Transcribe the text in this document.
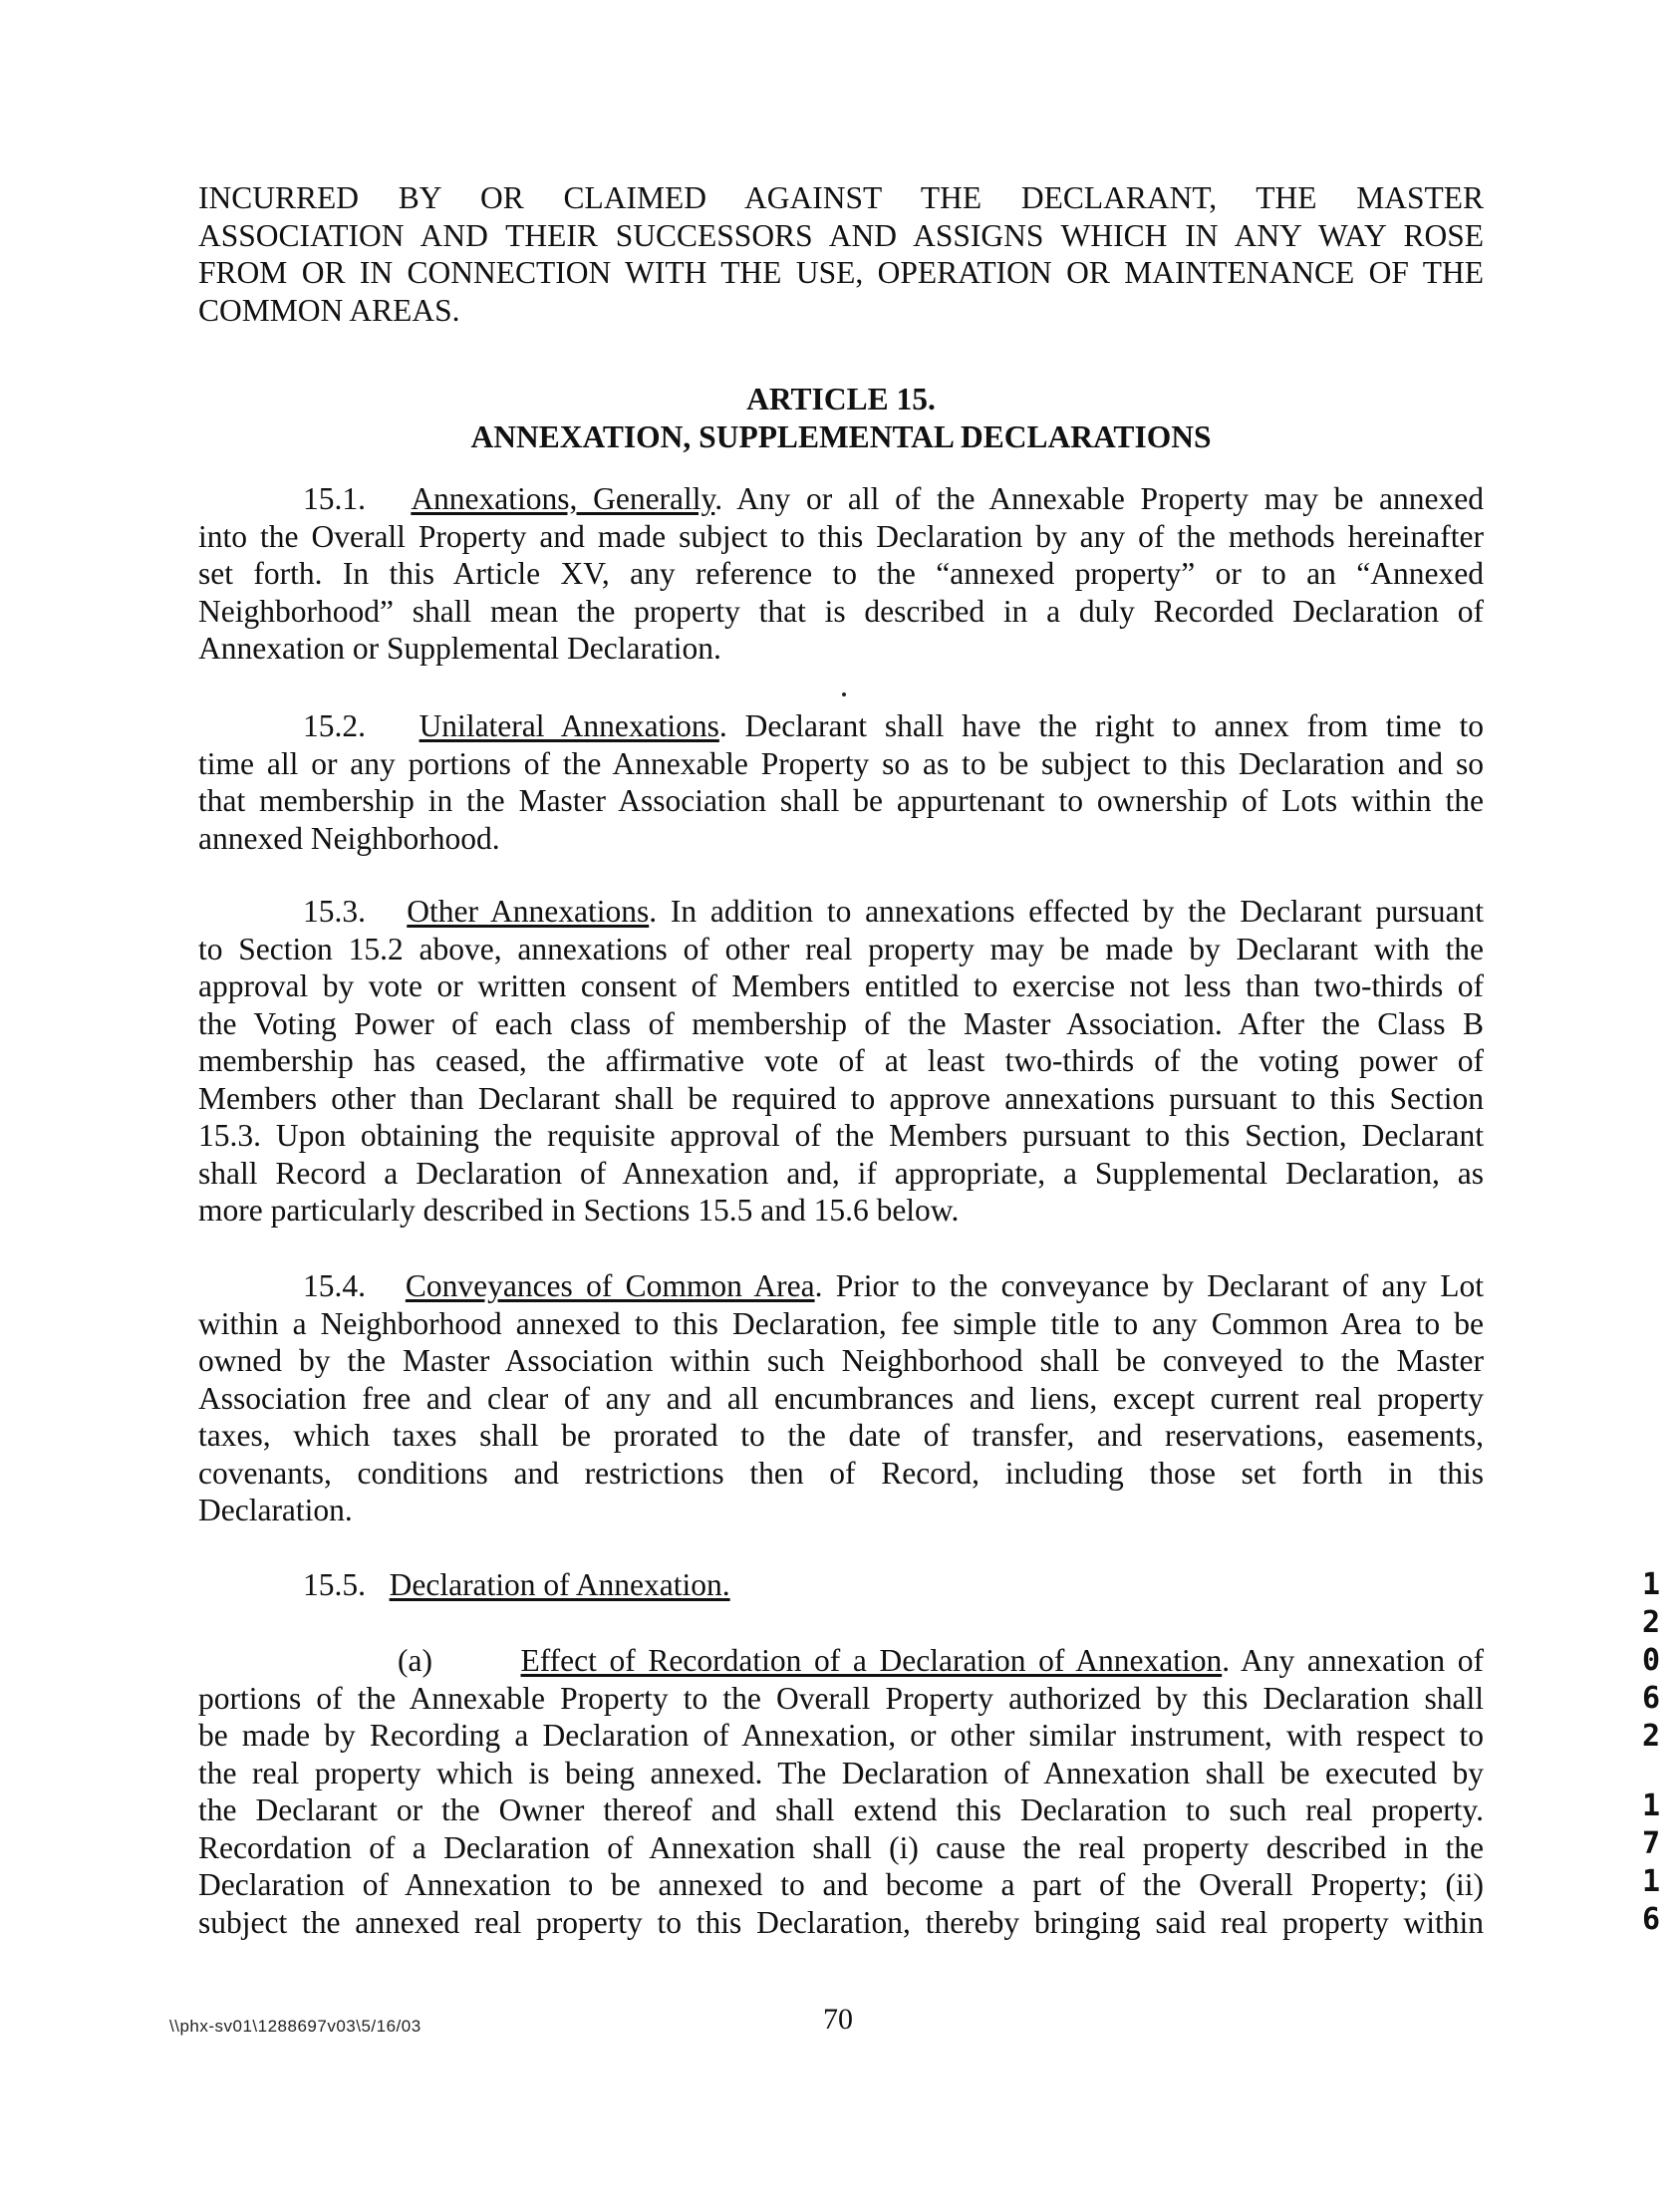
INCURRED BY OR CLAIMED AGAINST THE DECLARANT, THE MASTER
ASSOCIATION AND THEIR SUCCESSORS AND ASSIGNS WHICH IN ANY WAY ROSE
FROM OR IN CONNECTION WITH THE USE, OPERATION OR MAINTENANCE OF THE
COMMON AREAS.
ARTICLE 15.
ANNEXATION, SUPPLEMENTAL DECLARATIONS
15.1. Annexations, Generally. Any or all of the Annexable Property may be annexed
into the Overall Property and made subject to this Declaration by any of the methods hereinafter
set forth. In this Article XV, any reference to the “annexed property” or to an “Annexed
Neighborhood” shall mean the property that is described in a duly Recorded Declaration of
Annexation or Supplemental Declaration.
15.2. Unilateral Annexations. Declarant shall have the right to annex from time to
time all or any portions of the Annexable Property so as to be subject to this Declaration and so
that membership in the Master Association shall be appurtenant to ownership of Lots within the
annexed Neighborhood.
15.3. Other Annexations. In addition to annexations effected by the Declarant pursuant
to Section 15.2 above, annexations of other real property may be made by Declarant with the
approval by vote or written consent of Members entitled to exercise not less than two-thirds of
the Voting Power of each class of membership of the Master Association. After the Class B
membership has ceased, the affirmative vote of at least two-thirds of the voting power of
Members other than Declarant shall be required to approve annexations pursuant to this Section
15.3. Upon obtaining the requisite approval of the Members pursuant to this Section, Declarant
shall Record a Declaration of Annexation and, if appropriate, a Supplemental Declaration, as
more particularly described in Sections 15.5 and 15.6 below.
15.4. Conveyances of Common Area. Prior to the conveyance by Declarant of any Lot
within a Neighborhood annexed to this Declaration, fee simple title to any Common Area to be
owned by the Master Association within such Neighborhood shall be conveyed to the Master
Association free and clear of any and all encumbrances and liens, except current real property
taxes, which taxes shall be prorated to the date of transfer, and reservations, easements,
covenants, conditions and restrictions then of Record, including those set forth in this
Declaration.
15.5. Declaration of Annexation.
(a)	Effect of Recordation of a Declaration of Annexation. Any annexation of
portions of the Annexable Property to the Overall Property authorized by this Declaration shall
be made by Recording a Declaration of Annexation, or other similar instrument, with respect to
the real property which is being annexed. The Declaration of Annexation shall be executed by
the Declarant or the Owner thereof and shall extend this Declaration to such real property.
Recordation of a Declaration of Annexation shall (i) cause the real property described in the
Declaration of Annexation to be annexed to and become a part of the Overall Property; (ii)
subject the annexed real property to this Declaration, thereby bringing said real property within
1
2
0
6
2
1
7
1
6
\\phx-sv01\1288697v03\5/16/03	70
